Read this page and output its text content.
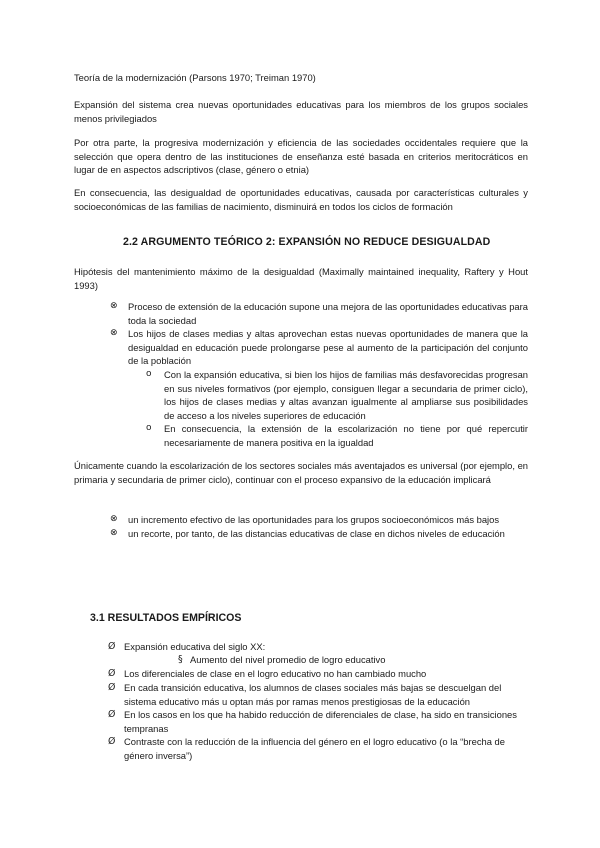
Teoría de la modernización (Parsons 1970; Treiman 1970)

Expansión del sistema crea nuevas oportunidades educativas para los miembros de los grupos sociales menos privilegiados

Por otra parte, la progresiva modernización y eficiencia de las sociedades occidentales requiere que la selección que opera dentro de las instituciones de enseñanza esté basada en criterios meritocráticos en lugar de en aspectos adscriptivos (clase, género o etnia)

En consecuencia, las desigualdad de oportunidades educativas, causada por características culturales y socioeconómicas de las familias de nacimiento, disminuirá en todos los ciclos de formación

2.2 ARGUMENTO TEÓRICO 2: EXPANSIÓN NO REDUCE DESIGUALDAD

Hipótesis del mantenimiento máximo de la desigualdad (Maximally maintained inequality, Raftery y Hout 1993)

⊗ Proceso de extensión de la educación supone una mejora de las oportunidades educativas para toda la sociedad

⊗ Los hijos de clases medias y altas aprovechan estas nuevas oportunidades de manera que la desigualdad en educación puede prolongarse pese al aumento de la participación del conjunto de la población

o Con la expansión educativa, si bien los hijos de familias más desfavorecidas progresan en sus niveles formativos (por ejemplo, consiguen llegar a secundaria de primer ciclo), los hijos de clases medias y altas avanzan igualmente al ampliarse sus posibilidades de acceso a los niveles superiores de educación

o En consecuencia, la extensión de la escolarización no tiene por qué repercutir necesariamente de manera positiva en la igualdad

Únicamente cuando la escolarización de los sectores sociales más aventajados es universal (por ejemplo, en primaria y secundaria de primer ciclo), continuar con el proceso expansivo de la educación implicará

⊗ un incremento efectivo de las oportunidades para los grupos socioeconómicos más bajos

⊗ un recorte, por tanto, de las distancias educativas de clase en dichos niveles de educación

3.1 RESULTADOS EMPÍRICOS
Ø Expansión educativa del siglo XX:

§ Aumento del nivel promedio de logro educativo

Ø Los diferenciales de clase en el logro educativo no han cambiado mucho

Ø En cada transición educativa, los alumnos de clases sociales más bajas se descuelgan del sistema educativo más u optan más por ramas menos prestigiosas de la educación

Ø En los casos en los que ha habido reducción de diferenciales de clase, ha sido en transiciones tempranas

Ø Contraste con la reducción de la influencia del género en el logro educativo (o la “brecha de género inversa”)
